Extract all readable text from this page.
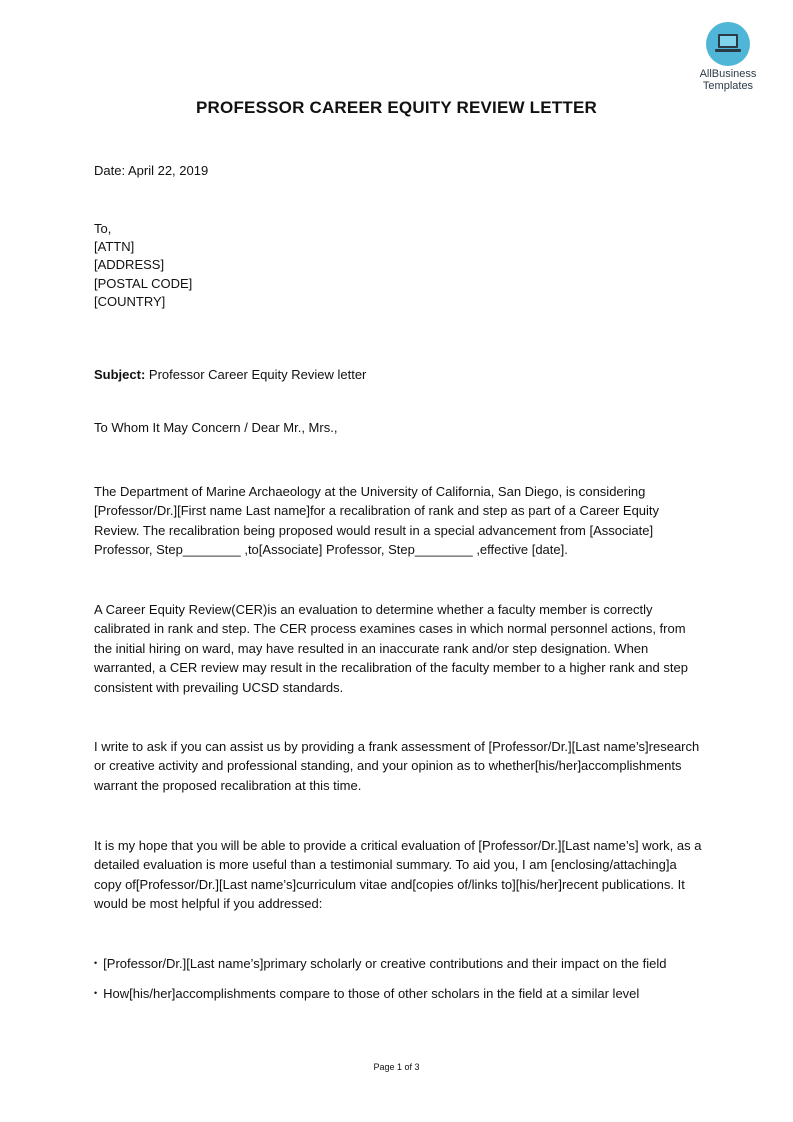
AllBusiness
Templates
PROFESSOR CAREER EQUITY REVIEW LETTER
Date: April 22, 2019
To,
[ATTN]
[ADDRESS]
[POSTAL CODE]
[COUNTRY]
Subject: Professor Career Equity Review letter
To Whom It May Concern / Dear Mr., Mrs.,
The Department of Marine Archaeology at the University of California, San Diego, is considering [Professor/Dr.][First name Last name]for a recalibration of rank and step as part of a Career Equity Review. The recalibration being proposed would result in a special advancement from [Associate] Professor, Step________ ,to[Associate] Professor, Step________ ,effective [date].
A Career Equity Review(CER)is an evaluation to determine whether a faculty member is correctly calibrated in rank and step. The CER process examines cases in which normal personnel actions, from the initial hiring on ward, may have resulted in an inaccurate rank and/or step designation. When warranted, a CER review may result in the recalibration of the faculty member to a higher rank and step consistent with prevailing UCSD standards.
I write to ask if you can assist us by providing a frank assessment of [Professor/Dr.][Last name’s]research or creative activity and professional standing, and your opinion as to whether[his/her]accomplishments warrant the proposed recalibration at this time.
It is my hope that you will be able to provide a critical evaluation of [Professor/Dr.][Last name’s] work, as a detailed evaluation is more useful than a testimonial summary. To aid you, I am [enclosing/attaching]a copy of[Professor/Dr.][Last name’s]curriculum vitae and[copies of/links to][his/her]recent publications. It would be most helpful if you addressed:
• [Professor/Dr.][Last name’s]primary scholarly or creative contributions and their impact on the field
• How[his/her]accomplishments compare to those of other scholars in the field at a similar level
Page 1 of 3
